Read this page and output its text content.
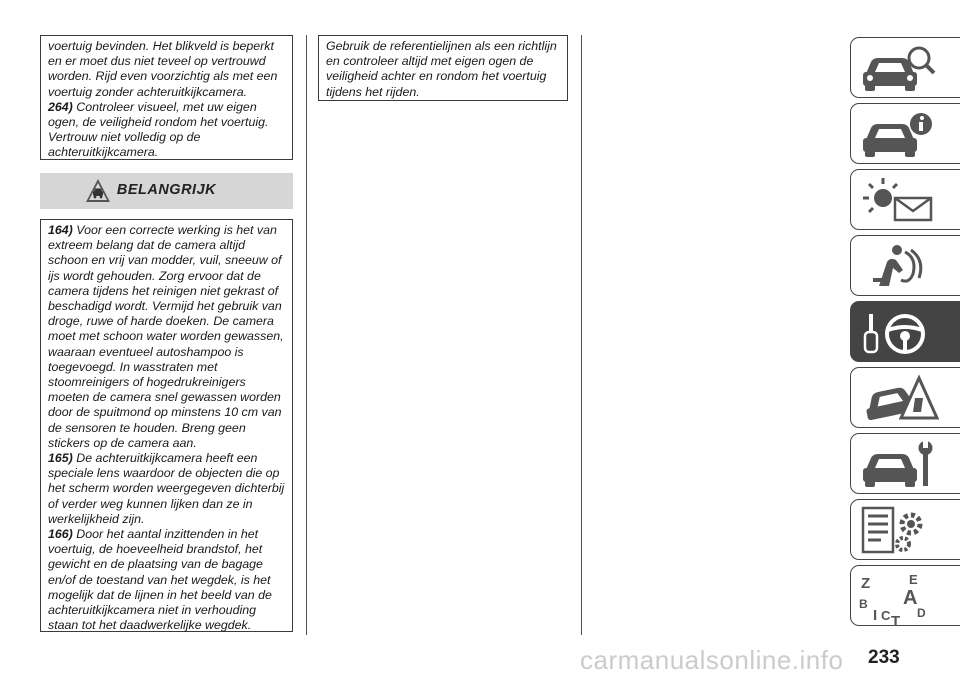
voertuig bevinden. Het blikveld is beperkt en er moet dus niet teveel op vertrouwd worden. Rijd even voorzichtig als met een voertuig zonder achteruitkijkcamera.

264) Controleer visueel, met uw eigen ogen, de veiligheid rondom het voertuig. Vertrouw niet volledig op de achteruitkijkcamera.

BELANGRIJK

164) Voor een correcte werking is het van extreem belang dat de camera altijd schoon en vrij van modder, vuil, sneeuw of ijs wordt gehouden. Zorg ervoor dat de camera tijdens het reinigen niet gekrast of beschadigd wordt. Vermijd het gebruik van droge, ruwe of harde doeken. De camera moet met schoon water worden gewassen, waaraan eventueel autoshampoo is toegevoegd. In wasstraten met stoomreinigers of hogedrukreinigers moeten de camera snel gewassen worden door de spuitmond op minstens 10 cm van de sensoren te houden. Breng geen stickers op de camera aan.

165) De achteruitkijkcamera heeft een speciale lens waardoor de objecten die op het scherm worden weergegeven dichterbij of verder weg kunnen lijken dan ze in werkelijkheid zijn.

166) Door het aantal inzittenden in het voertuig, de hoeveelheid brandstof, het gewicht en de plaatsing van de bagage en/of de toestand van het wegdek, is het mogelijk dat de lijnen in het beeld van de achteruitkijkcamera niet in verhouding staan tot het daadwerkelijke wegdek.

Gebruik de referentielijnen als een richtlijn en controleer altijd met eigen ogen de veiligheid achter en rondom het voertuig tijdens het rijden.

Z	E
B A
I C T D
233
carmanualsonline.info
